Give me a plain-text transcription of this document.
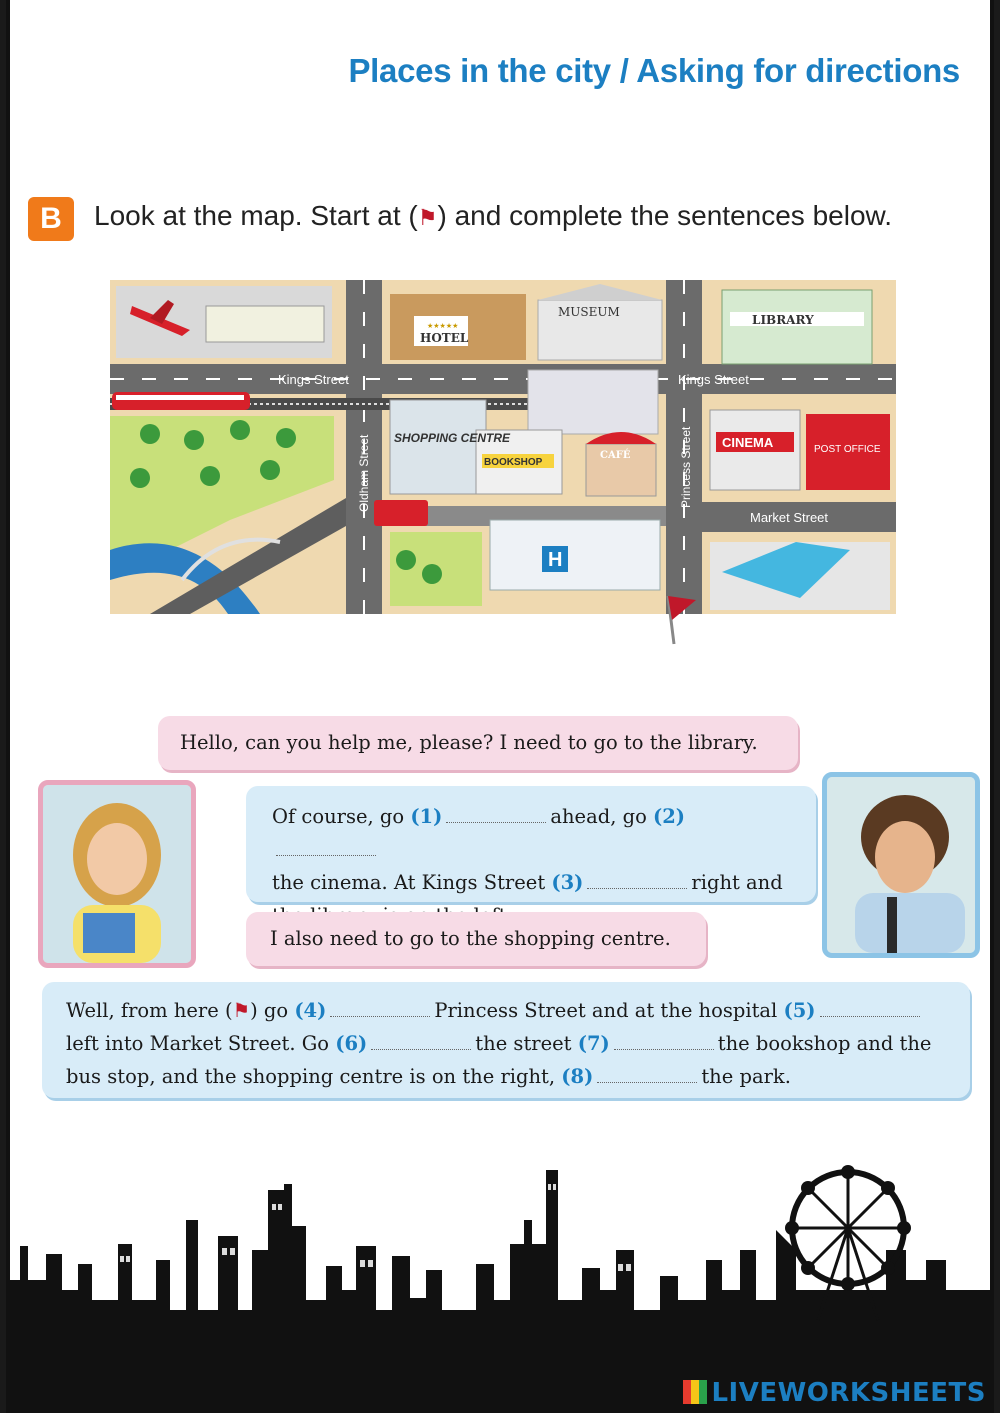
Places in the city / Asking for directions
B	Look at the map. Start at (⚑) and complete the sentences below.
Kings Street	Kings Street
Oldham Street	Princess Street
Market Street
★★★★★
HOTEL
MUSEUM
LIBRARY
SHOPPING CENTRE
BOOKSHOP
CAFÉ
CINEMA	POST OFFICE
H
Hello, can you help me, please? I need to go to the library.
Of course, go (1)	ahead, go (2)
the cinema. At Kings Street (3)	right and

I also need to go to the shopping centre.
Well, from here (⚑) go (4)	Princess Street and at the hospital (5)
left into Market Street. Go (6)	the street (7)	the bookshop and the
bus stop, and the shopping centre is on the right, (8)	the park.
LIVEWORKSHEETS
